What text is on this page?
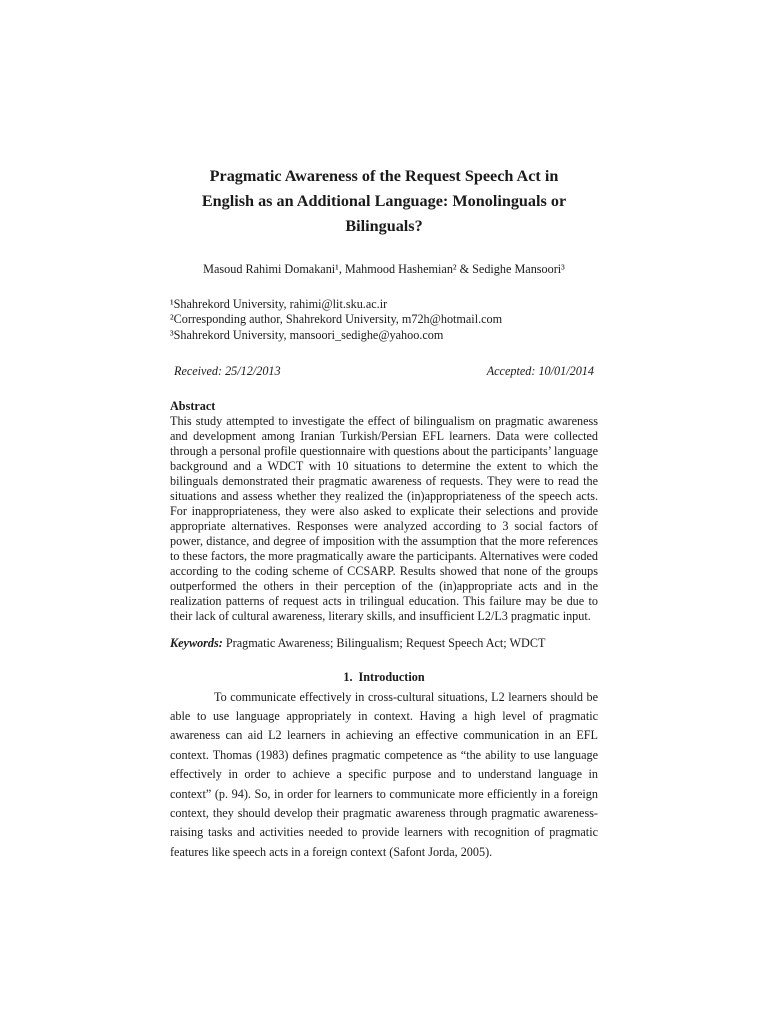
Pragmatic Awareness of the Request Speech Act in
English as an Additional Language: Monolinguals or
Bilinguals?
Masoud Rahimi Domakani¹, Mahmood Hashemian² & Sedighe Mansoori³
¹Shahrekord University, rahimi@lit.sku.ac.ir
²Corresponding author, Shahrekord University, m72h@hotmail.com
³Shahrekord University, mansoori_sedighe@yahoo.com
Received: 25/12/2013	Accepted: 10/01/2014
Abstract

This study attempted to investigate the effect of bilingualism on pragmatic awareness and development among Iranian Turkish/Persian EFL learners. Data were collected through a personal profile questionnaire with questions about the participants’ language background and a WDCT with 10 situations to determine the extent to which the bilinguals demonstrated their pragmatic awareness of requests. They were to read the situations and assess whether they realized the (in)appropriateness of the speech acts. For inappropriateness, they were also asked to explicate their selections and provide appropriate alternatives. Responses were analyzed according to 3 social factors of power, distance, and degree of imposition with the assumption that the more references to these factors, the more pragmatically aware the participants. Alternatives were coded according to the coding scheme of CCSARP. Results showed that none of the groups outperformed the others in their perception of the (in)appropriate acts and in the realization patterns of request acts in trilingual education. This failure may be due to their lack of cultural awareness, literary skills, and insufficient L2/L3 pragmatic input.

Keywords: Pragmatic Awareness; Bilingualism; Request Speech Act; WDCT
1. Introduction

To communicate effectively in cross-cultural situations, L2 learners should be able to use language appropriately in context. Having a high level of pragmatic awareness can aid L2 learners in achieving an effective communication in an EFL context. Thomas (1983) defines pragmatic competence as “the ability to use language effectively in order to achieve a specific purpose and to understand language in context” (p. 94). So, in order for learners to communicate more efficiently in a foreign context, they should develop their pragmatic awareness through pragmatic awareness-raising tasks and activities needed to provide learners with recognition of pragmatic features like speech acts in a foreign context (Safont Jorda, 2005).
